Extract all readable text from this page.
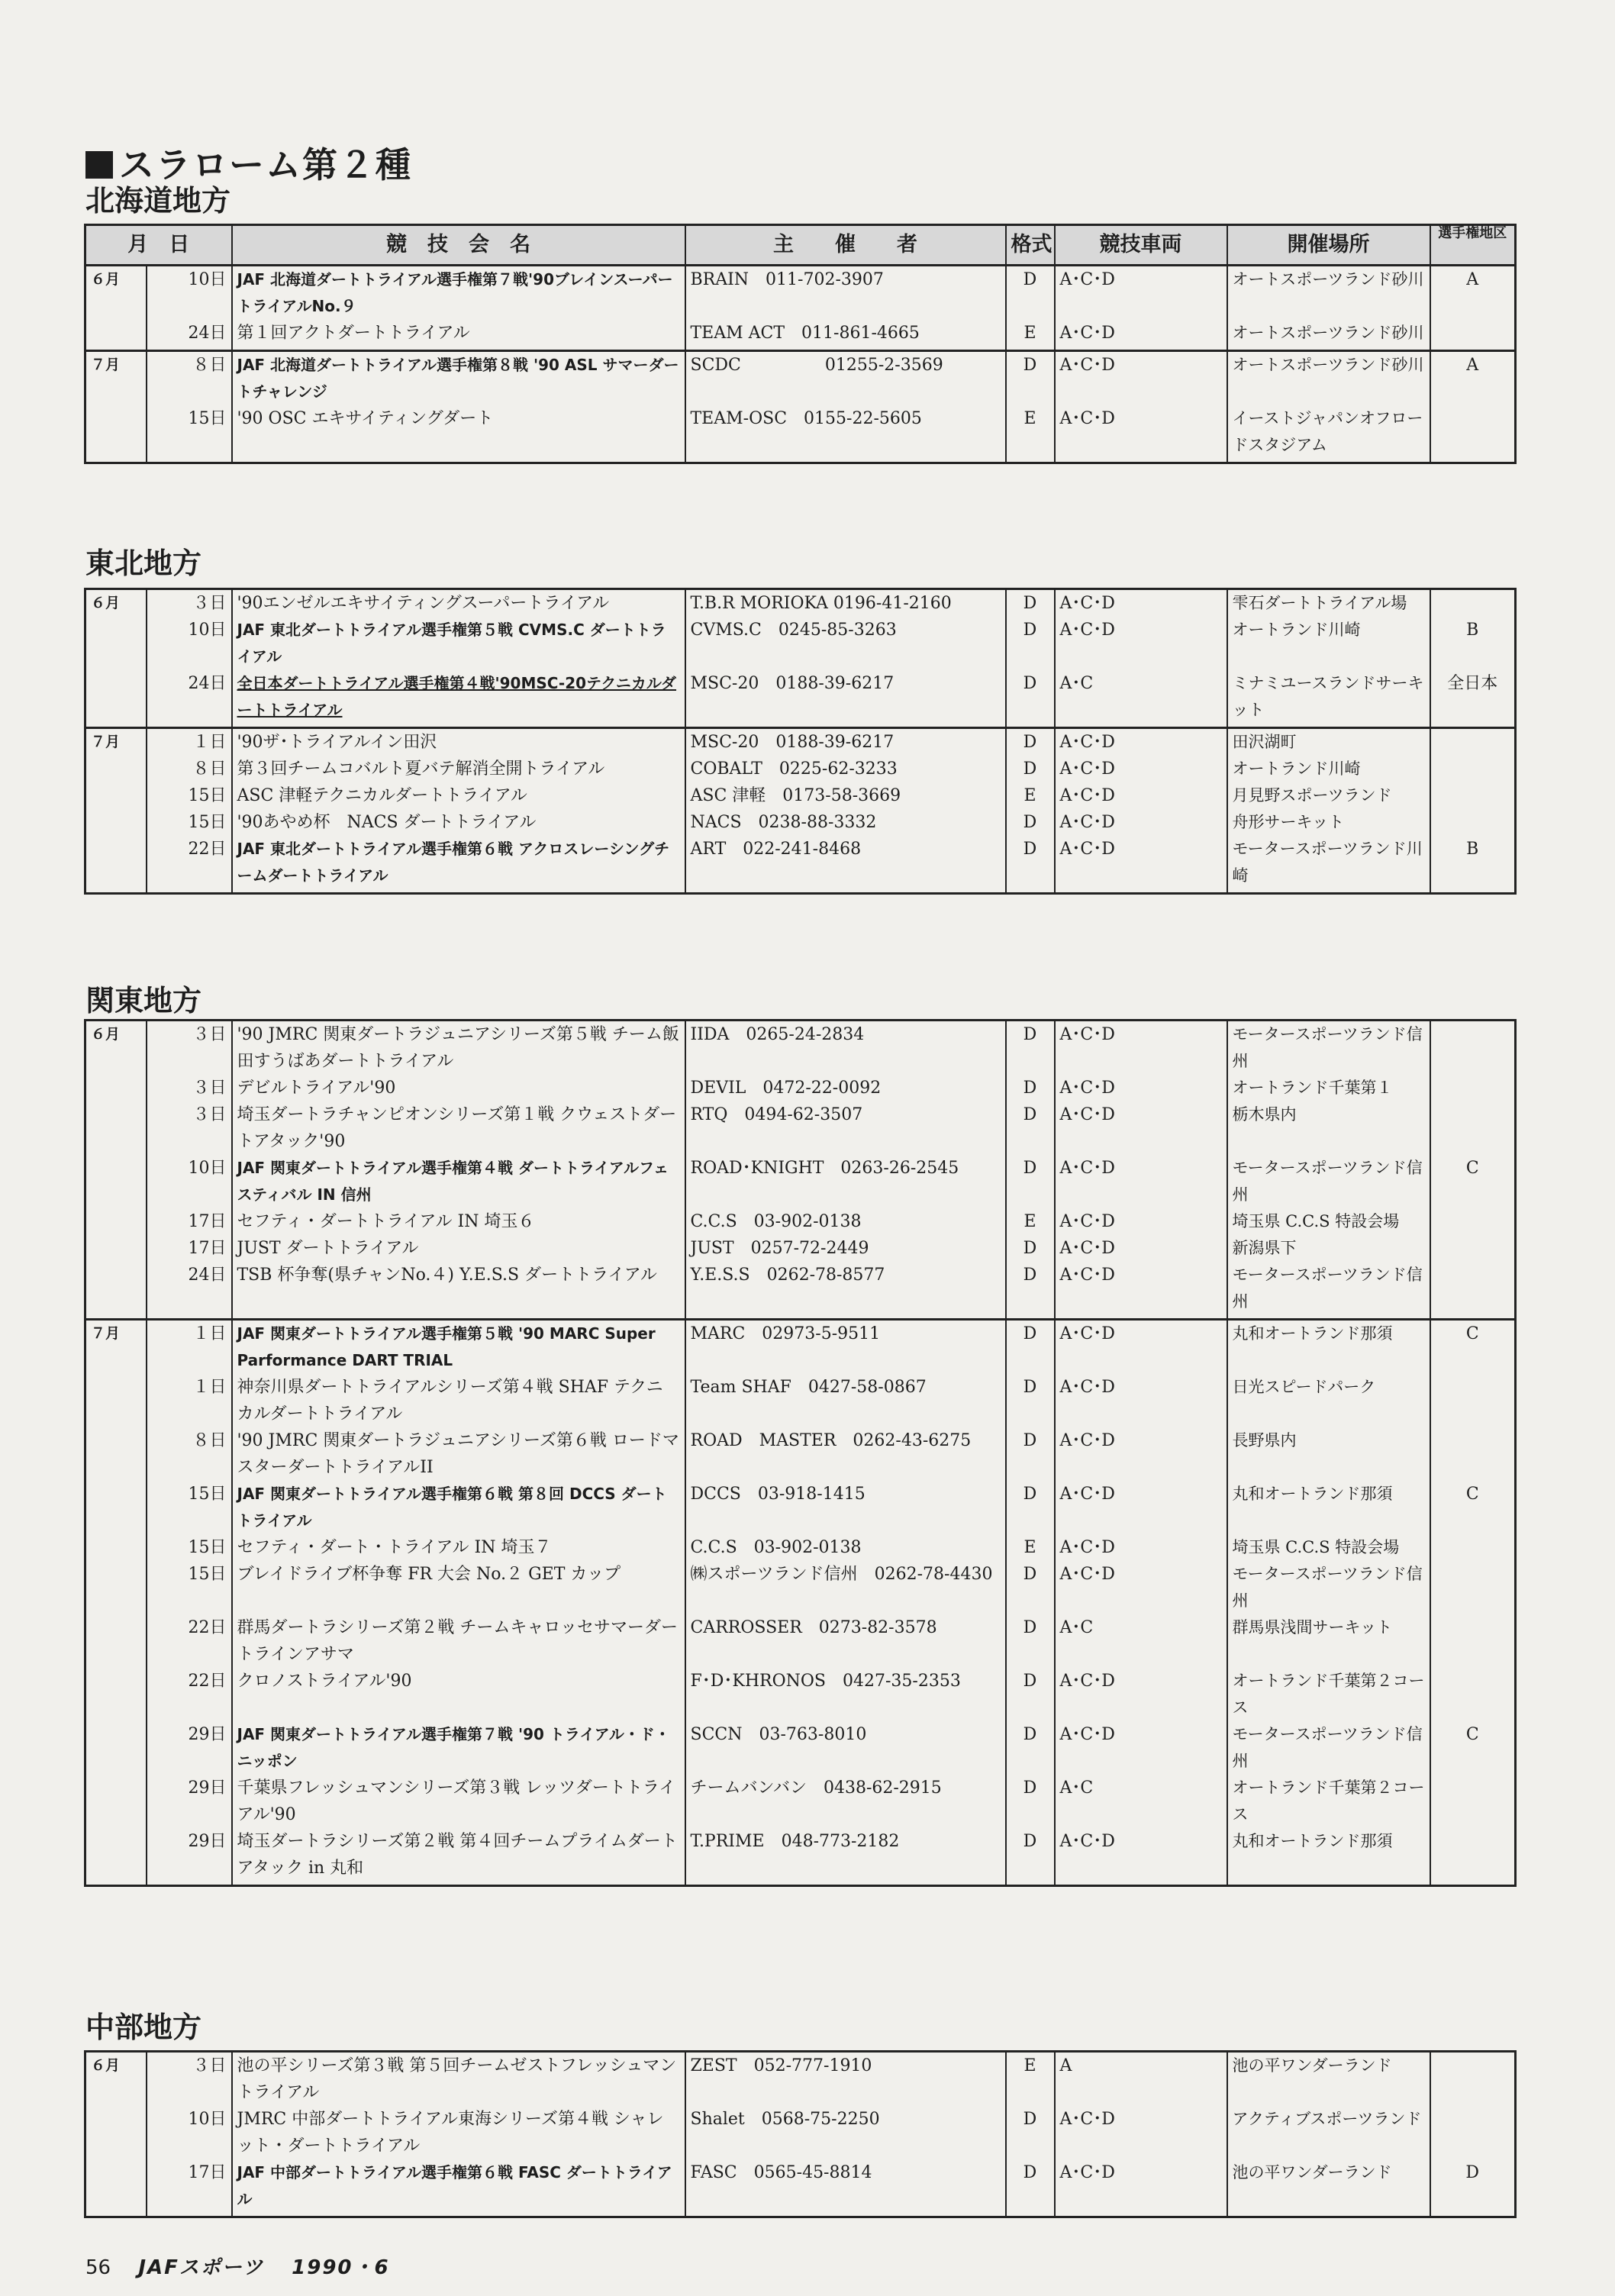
スラローム第２種
北海道地方
月　日		競　技　会　名	主　　催　　者	格式	競技車両	開催場所	選手権地区
６月	10日	JAF 北海道ダートトライアル選手権第７戦'90ブレインスーパートライアルNo.９	BRAIN　011-702-3907	D	A･C･D	オートスポーツランド砂川	A
	24日	第１回アクトダートトライアル	TEAM ACT　011-861-4665	E	A･C･D	オートスポーツランド砂川	
７月	８日	JAF 北海道ダートトライアル選手権第８戦 '90 ASL サマーダートチャレンジ	SCDC　　　　　01255-2-3569	D	A･C･D	オートスポーツランド砂川	A
	15日	'90 OSC エキサイティングダート	TEAM-OSC　0155-22-5605	E	A･C･D	イーストジャパンオフロードスタジアム	
東北地方
６月	３日	'90エンゼルエキサイティングスーパートライアル	T.B.R MORIOKA 0196-41-2160	D	A･C･D	雫石ダートトライアル場	
	10日	JAF 東北ダートトライアル選手権第５戦 CVMS.C ダートトライアル	CVMS.C　0245-85-3263	D	A･C･D	オートランド川崎	B
	24日	全日本ダートトライアル選手権第４戦'90MSC-20テクニカルダートトライアル	MSC-20　0188-39-6217	D	A･C	ミナミユースランドサーキット	全日本
７月	１日	'90ザ･トライアルイン田沢	MSC-20　0188-39-6217	D	A･C･D	田沢湖町	
	８日	第３回チームコバルト夏バテ解消全開トライアル	COBALT　0225-62-3233	D	A･C･D	オートランド川崎	
	15日	ASC 津軽テクニカルダートトライアル	ASC 津軽　0173-58-3669	E	A･C･D	月見野スポーツランド	
	15日	'90あやめ杯　NACS ダートトライアル	NACS　0238-88-3332	D	A･C･D	舟形サーキット	
	22日	JAF 東北ダートトライアル選手権第６戦 アクロスレーシングチームダートトライアル	ART　022-241-8468	D	A･C･D	モータースポーツランド川崎	B
関東地方
６月	３日	'90 JMRC 関東ダートラジュニアシリーズ第５戦 チーム飯田すうばあダートトライアル	IIDA　0265-24-2834	D	A･C･D	モータースポーツランド信州	
	３日	デビルトライアル'90	DEVIL　0472-22-0092	D	A･C･D	オートランド千葉第１	
	３日	埼玉ダートラチャンピオンシリーズ第１戦 クウェストダートアタック'90	RTQ　0494-62-3507	D	A･C･D	栃木県内	
	10日	JAF 関東ダートトライアル選手権第４戦 ダートトライアルフェスティバル IN 信州	ROAD･KNIGHT　0263-26-2545	D	A･C･D	モータースポーツランド信州	C
	17日	セフティ・ダートトライアル IN 埼玉６	C.C.S　03-902-0138	E	A･C･D	埼玉県 C.C.S 特設会場	
	17日	JUST ダートトライアル	JUST　0257-72-2449	D	A･C･D	新潟県下	
	24日	TSB 杯争奪(県チャンNo.４) Y.E.S.S ダートトライアル	Y.E.S.S　0262-78-8577	D	A･C･D	モータースポーツランド信州	
７月	１日	JAF 関東ダートトライアル選手権第５戦 '90 MARC Super Parformance DART TRIAL	MARC　02973-5-9511	D	A･C･D	丸和オートランド那須	C
	１日	神奈川県ダートトライアルシリーズ第４戦 SHAF テクニカルダートトライアル	Team SHAF　0427-58-0867	D	A･C･D	日光スピードパーク	
	８日	'90 JMRC 関東ダートラジュニアシリーズ第６戦 ロードマスターダートトライアルII	ROAD　MASTER　0262-43-6275	D	A･C･D	長野県内	
	15日	JAF 関東ダートトライアル選手権第６戦 第８回 DCCS ダートトライアル	DCCS　03-918-1415	D	A･C･D	丸和オートランド那須	C
	15日	セフティ・ダート・トライアル IN 埼玉７	C.C.S　03-902-0138	E	A･C･D	埼玉県 C.C.S 特設会場	
	15日	ブレイドライブ杯争奪 FR 大会 No.２ GET カップ	㈱スポーツランド信州　0262-78-4430	D	A･C･D	モータースポーツランド信州	
	22日	群馬ダートラシリーズ第２戦 チームキャロッセサマーダートラインアサマ	CARROSSER　0273-82-3578	D	A･C	群馬県浅間サーキット	
	22日	クロノストライアル'90	F･D･KHRONOS　0427-35-2353	D	A･C･D	オートランド千葉第２コース	
	29日	JAF 関東ダートトライアル選手権第７戦 '90 トライアル・ド・ニッポン	SCCN　03-763-8010	D	A･C･D	モータースポーツランド信州	C
	29日	千葉県フレッシュマンシリーズ第３戦 レッツダートトライアル'90	チームバンバン　0438-62-2915	D	A･C	オートランド千葉第２コース	
	29日	埼玉ダートラシリーズ第２戦 第４回チームプライムダートアタック in 丸和	T.PRIME　048-773-2182	D	A･C･D	丸和オートランド那須	
中部地方
６月	３日	池の平シリーズ第３戦 第５回チームゼストフレッシュマントライアル	ZEST　052-777-1910	E	A	池の平ワンダーランド	
	10日	JMRC 中部ダートトライアル東海シリーズ第４戦 シャレット・ダートトライアル	Shalet　0568-75-2250	D	A･C･D	アクティブスポーツランド	
	17日	JAF 中部ダートトライアル選手権第６戦 FASC ダートトライアル	FASC　0565-45-8814	D	A･C･D	池の平ワンダーランド	D
56 JAFスポーツ 1990・6
